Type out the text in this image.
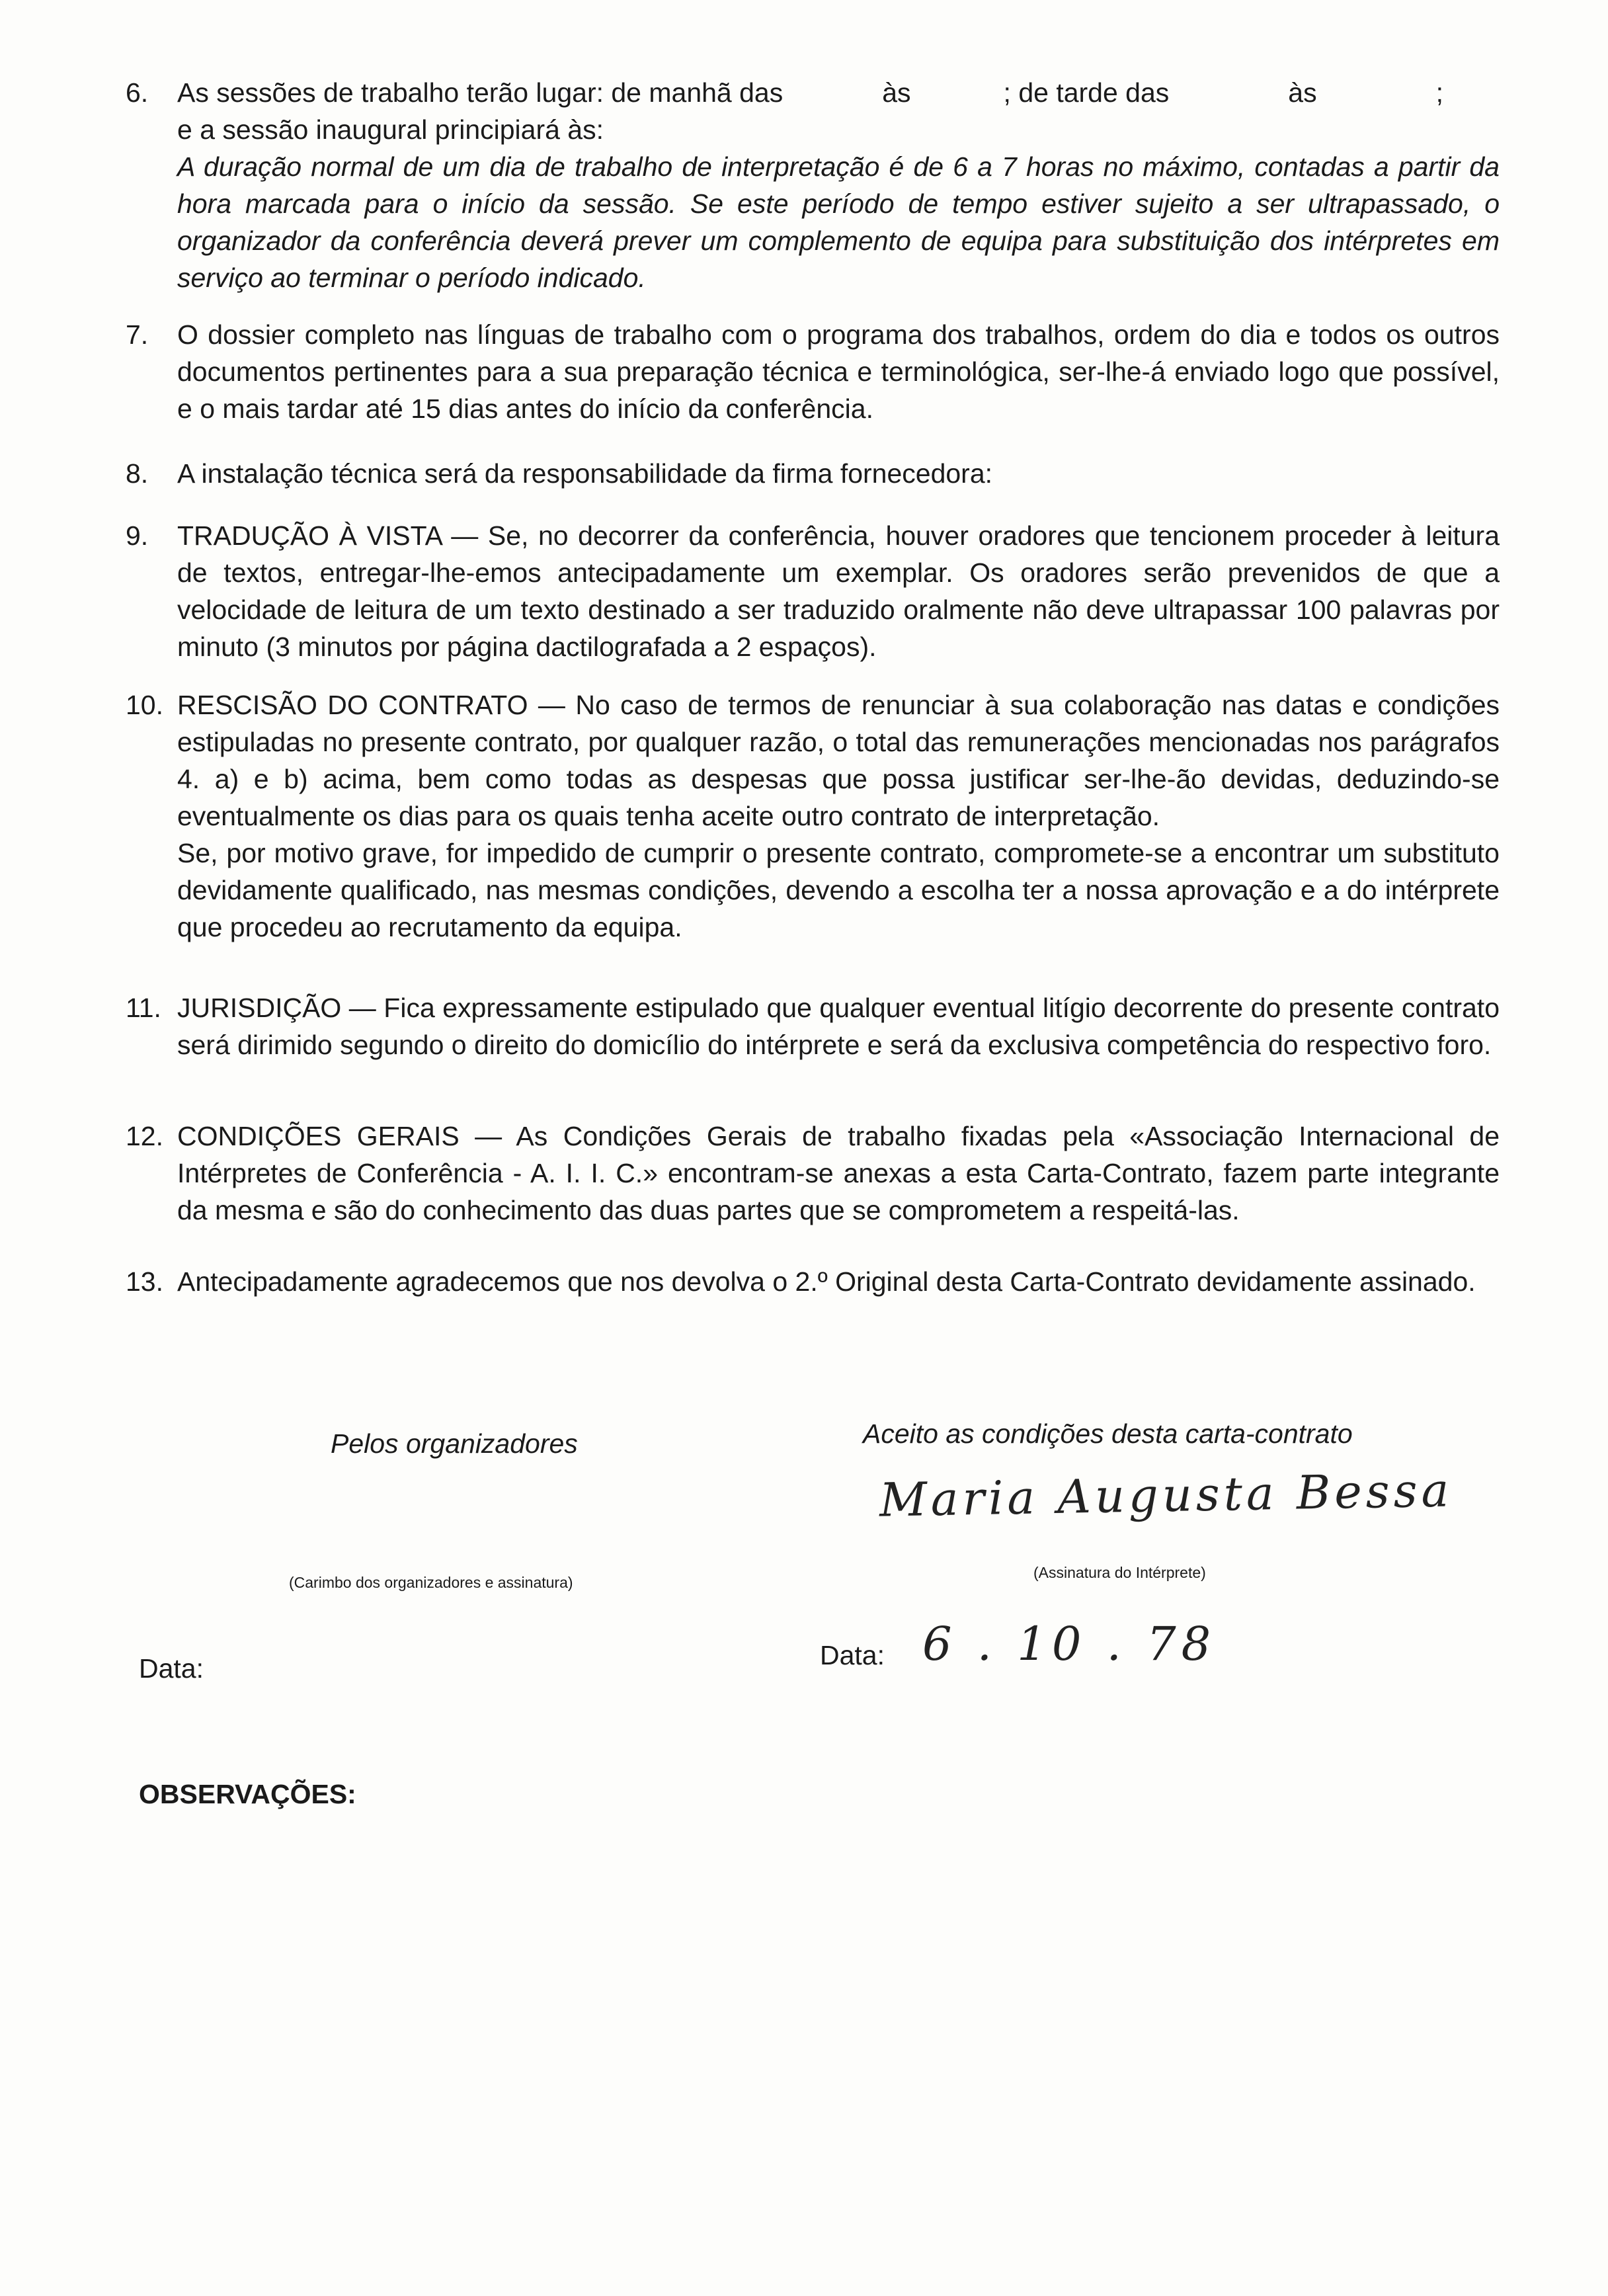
6.	As sessões de trabalho terão lugar: de manhã das	às	; de tarde das	às	;

e a sessão inaugural principiará às:

A duração normal de um dia de trabalho de interpretação é de 6 a 7 horas no máximo, contadas a partir da hora marcada para o início da sessão. Se este período de tempo estiver sujeito a ser ultrapassado, o organizador da conferência deverá prever um complemento de equipa para substituição dos intérpretes em serviço ao terminar o período indicado.

7.	O dossier completo nas línguas de trabalho com o programa dos trabalhos, ordem do dia e todos os outros documentos pertinentes para a sua preparação técnica e terminológica, ser-lhe-á enviado logo que possível, e o mais tardar até 15 dias antes do início da conferência.

8.	A instalação técnica será da responsabilidade da firma fornecedora:

9.	TRADUÇÃO À VISTA — Se, no decorrer da conferência, houver oradores que tencionem proceder à leitura de textos, entregar-lhe-emos antecipadamente um exemplar. Os oradores serão prevenidos de que a velocidade de leitura de um texto destinado a ser traduzido oralmente não deve ultrapassar 100 palavras por minuto (3 minutos por página dactilografada a 2 espaços).

10. RESCISÃO DO CONTRATO — No caso de termos de renunciar à sua colaboração nas datas e condições estipuladas no presente contrato, por qualquer razão, o total das remunerações mencionadas nos parágrafos 4. a) e b) acima, bem como todas as despesas que possa justificar ser-lhe-ão devidas, deduzindo-se eventualmente os dias para os quais tenha aceite outro contrato de interpretação.

Se, por motivo grave, for impedido de cumprir o presente contrato, compromete-se a encontrar um substituto devidamente qualificado, nas mesmas condições, devendo a escolha ter a nossa aprovação e a do intérprete que procedeu ao recrutamento da equipa.

11. JURISDIÇÃO — Fica expressamente estipulado que qualquer eventual litígio decorrente do presente contrato será dirimido segundo o direito do domicílio do intérprete e será da exclusiva competência do respectivo foro.

12. CONDIÇÕES GERAIS — As Condições Gerais de trabalho fixadas pela «Associação Internacional de Intérpretes de Conferência - A. I. I. C.» encontram-se anexas a esta Carta-Contrato, fazem parte integrante da mesma e são do conhecimento das duas partes que se comprometem a respeitá-las.

13. Antecipadamente agradecemos que nos devolva o 2.º Original desta Carta-Contrato devidamente assinado.

Pelos organizadores	Aceito as condições desta carta-contrato
Maria Augusta Bessa
(Carimbo dos organizadores e assinatura)
(Assinatura do Intérprete)
Data:	Data: 6 . 10 . 78
OBSERVAÇÕES:
